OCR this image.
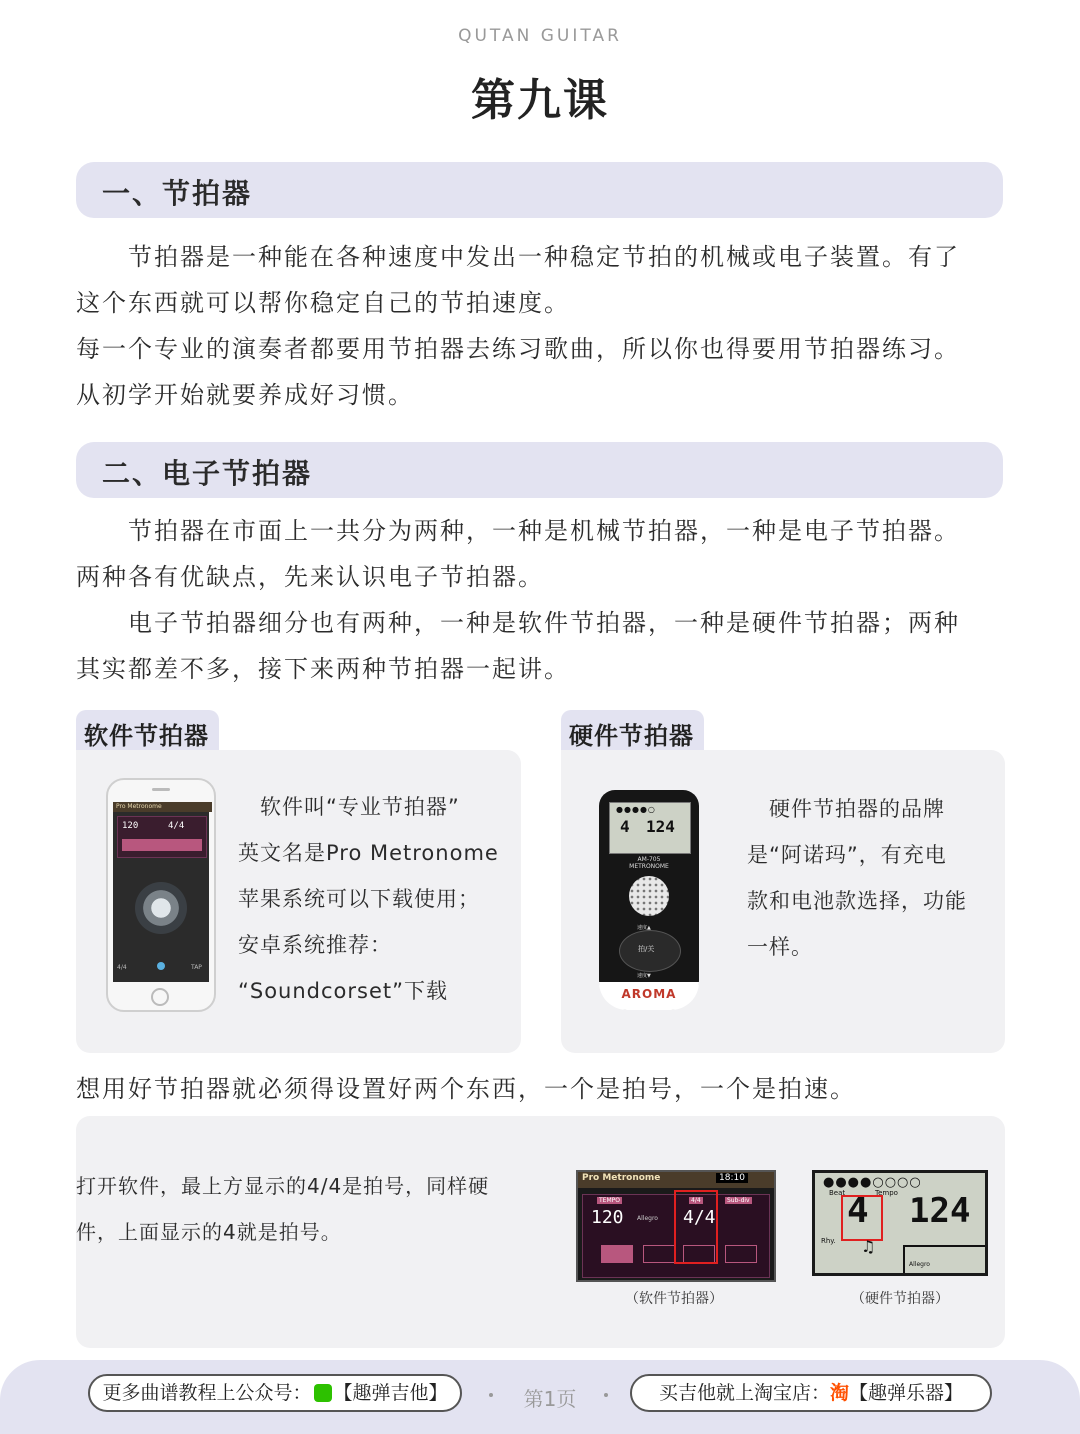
QUTAN GUITAR
第九课
一、节拍器

　　节拍器是一种能在各种速度中发出一种稳定节拍的机械或电子装置。有了

这个东西就可以帮你稳定自己的节拍速度。

每一个专业的演奏者都要用节拍器去练习歌曲，所以你也得要用节拍器练习。

从初学开始就要养成好习惯。

二、电子节拍器

　　节拍器在市面上一共分为两种，一种是机械节拍器，一种是电子节拍器。

两种各有优缺点，先来认识电子节拍器。

　　电子节拍器细分也有两种，一种是软件节拍器，一种是硬件节拍器；两种

其实都差不多，接下来两种节拍器一起讲。

软件节拍器
Pro Metronome
120	4/4
4/4	TAP

　软件叫“专业节拍器”

英文名是Pro Metronome

苹果系统可以下载使用；

安卓系统推荐：

“Soundcorset”下载

硬件节拍器
●●●●○
4 124
AM-705
METRONOME
拍/关
速度▲
速度▼
AROMA

　硬件节拍器的品牌

是“阿诺玛”，有充电

款和电池款选择，功能

一样。

想用好节拍器就必须得设置好两个东西，一个是拍号，一个是拍速。

打开软件，最上方显示的4/4是拍号，同样硬

件，上面显示的4就是拍号。

Pro Metronome	18:10
TEMPO
120 Allegro
4/4
4/4
Sub-div
（软件节拍器）
●●●●○○○○
Beat	Tempo
4 124
Rhy. ♫
Allegro
（硬件节拍器）
更多曲谱教程上公众号： 【趣弹吉他】	第1页	买吉他就上淘宝店：淘【趣弹乐器】
